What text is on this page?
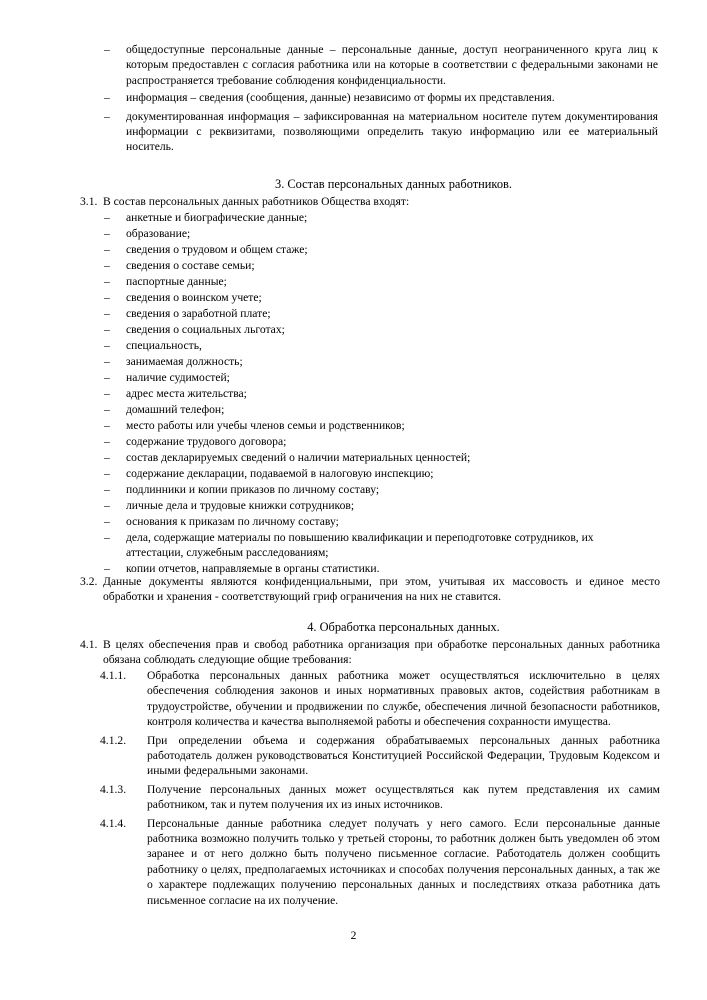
– общедоступные персональные данные – персональные данные, доступ неограниченного круга лиц к которым предоставлен с согласия работника или на которые в соответствии с федеральными законами не распространяется требование соблюдения конфиденциальности.
– информация – сведения (сообщения, данные) независимо от формы их представления.
– документированная информация – зафиксированная на материальном носителе путем документирования информации с реквизитами, позволяющими определить такую информацию или ее материальный носитель.
3. Состав персональных данных работников.
3.1. В состав персональных данных работников Общества входят:
– анкетные и биографические данные;
– образование;
– сведения о трудовом и общем стаже;
– сведения о составе семьи;
– паспортные данные;
– сведения о воинском учете;
– сведения о заработной плате;
– сведения о социальных льготах;
– специальность,
– занимаемая должность;
– наличие судимостей;
– адрес места жительства;
– домашний телефон;
– место работы или учебы членов семьи и родственников;
– содержание трудового договора;
– состав декларируемых сведений о наличии материальных ценностей;
– содержание декларации, подаваемой в налоговую инспекцию;
– подлинники и копии приказов по личному составу;
– личные дела и трудовые книжки сотрудников;
– основания к приказам по личному составу;
– дела, содержащие материалы по повышению квалификации и переподготовке сотрудников, их аттестации, служебным расследованиям;
– копии отчетов, направляемые в органы статистики.
3.2. Данные документы являются конфиденциальными, при этом, учитывая их массовость и единое место обработки и хранения - соответствующий гриф ограничения на них не ставится.
4. Обработка персональных данных.
4.1. В целях обеспечения прав и свобод работника организация при обработке персональных данных работника обязана соблюдать следующие общие требования:
4.1.1. Обработка персональных данных работника может осуществляться исключительно в целях обеспечения соблюдения законов и иных нормативных правовых актов, содействия работникам в трудоустройстве, обучении и продвижении по службе, обеспечения личной безопасности работников, контроля количества и качества выполняемой работы и обеспечения сохранности имущества.
4.1.2. При определении объема и содержания обрабатываемых персональных данных работника работодатель должен руководствоваться Конституцией Российской Федерации, Трудовым Кодексом и иными федеральными законами.
4.1.3. Получение персональных данных может осуществляться как путем представления их самим работником, так и путем получения их из иных источников.
4.1.4. Персональные данные работника следует получать у него самого. Если персональные данные работника возможно получить только у третьей стороны, то работник должен быть уведомлен об этом заранее и от него должно быть получено письменное согласие. Работодатель должен сообщить работнику о целях, предполагаемых источниках и способах получения персональных данных, а так же о характере подлежащих получению персональных данных и последствиях отказа работника дать письменное согласие на их получение.
2
